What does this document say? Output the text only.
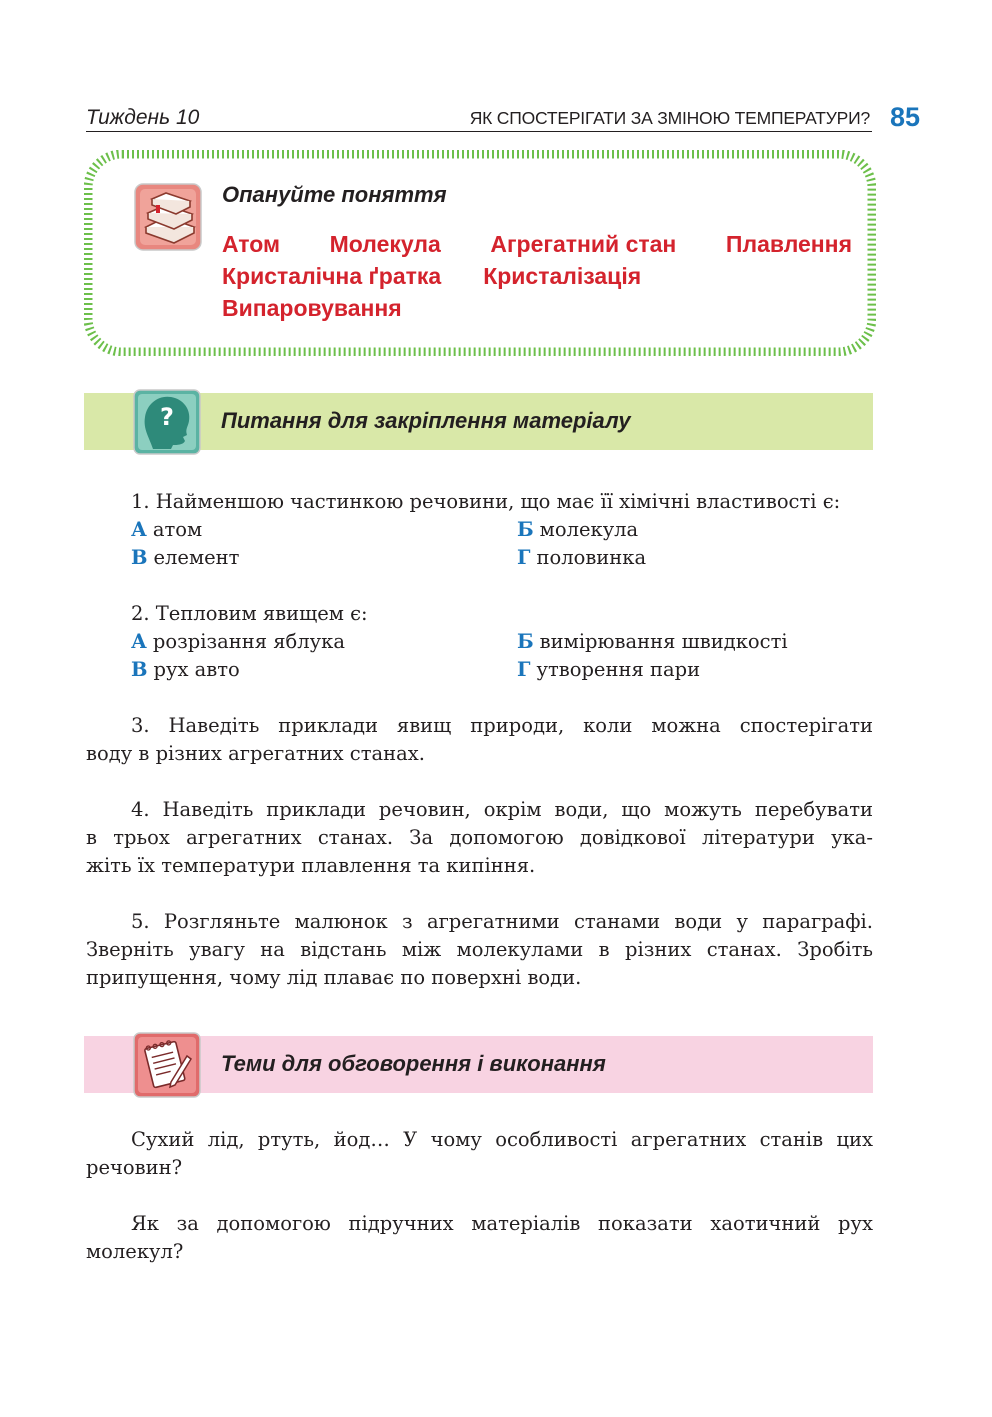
Тиждень 10	ЯК СПОСТЕРІГАТИ ЗА ЗМІНОЮ ТЕМПЕРАТУРИ? 85
Опануйте поняття
Атом Молекула Агрегатний стан Плавлення
Кристалічна ґратка Кристалізація
Випаровування
? Питання для закріплення матеріалу
1. Найменшою частинкою речовини, що має її хімічні властивості є:
А атом	Б молекула
В елемент	Г половинка
2. Тепловим явищем є:
А розрізання яблука	Б вимірювання швидкості
В рух авто	Г утворення пари
3. Наведіть приклади явищ природи, коли можна спостерігати
воду в різних агрегатних станах.
4. Наведіть приклади речовин, окрім води, що можуть перебувати
в трьох агрегатних станах. За допомогою довідкової літератури ука-
жіть їх температури плавлення та кипіння.
5. Розгляньте малюнок з агрегатними станами води у параграфі.
Зверніть увагу на відстань між молекулами в різних станах. Зробіть
припущення, чому лід плаває по поверхні води.
Теми для обговорення і виконання
Сухий лід, ртуть, йод… У чому особливості агрегатних станів цих
речовин?
Як за допомогою підручних матеріалів показати хаотичний рух
молекул?
